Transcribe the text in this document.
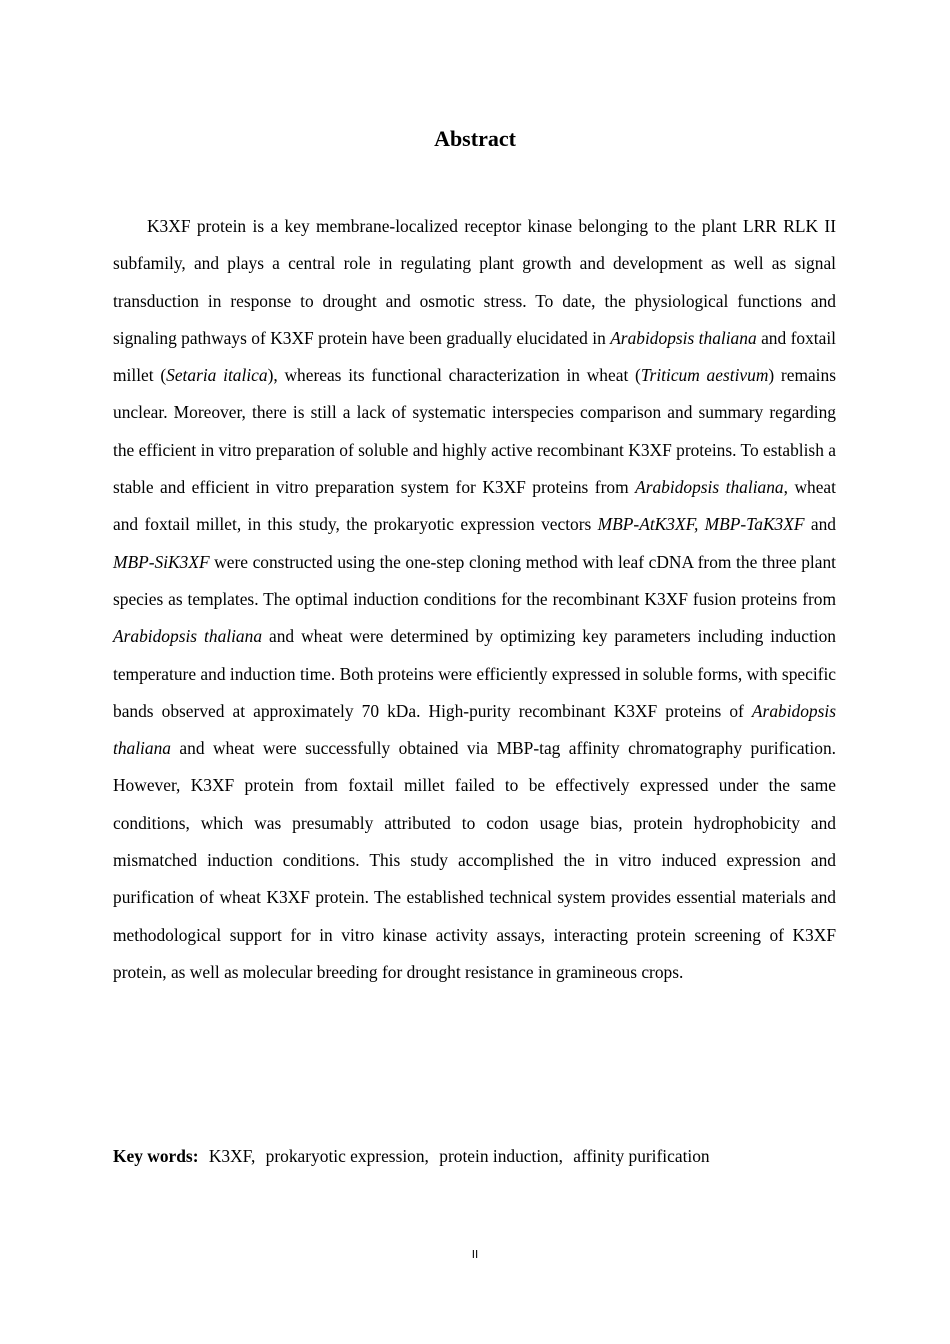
Abstract

K3XF protein is a key membrane-localized receptor kinase belonging to the plant LRR RLK II subfamily, and plays a central role in regulating plant growth and development as well as signal transduction in response to drought and osmotic stress. To date, the physiological functions and signaling pathways of K3XF protein have been gradually elucidated in Arabidopsis thaliana and foxtail millet (Setaria italica), whereas its functional characterization in wheat (Triticum aestivum) remains unclear. Moreover, there is still a lack of systematic interspecies comparison and summary regarding the efficient in vitro preparation of soluble and highly active recombinant K3XF proteins. To establish a stable and efficient in vitro preparation system for K3XF proteins from Arabidopsis thaliana, wheat and foxtail millet, in this study, the prokaryotic expression vectors MBP-AtK3XF, MBP-TaK3XF and MBP-SiK3XF were constructed using the one-step cloning method with leaf cDNA from the three plant species as templates. The optimal induction conditions for the recombinant K3XF fusion proteins from Arabidopsis thaliana and wheat were determined by optimizing key parameters including induction temperature and induction time. Both proteins were efficiently expressed in soluble forms, with specific bands observed at approximately 70 kDa. High-purity recombinant K3XF proteins of Arabidopsis thaliana and wheat were successfully obtained via MBP-tag affinity chromatography purification. However, K3XF protein from foxtail millet failed to be effectively expressed under the same conditions, which was presumably attributed to codon usage bias, protein hydrophobicity and mismatched induction conditions. This study accomplished the in vitro induced expression and purification of wheat K3XF protein. The established technical system provides essential materials and methodological support for in vitro kinase activity assays, interacting protein screening of K3XF protein, as well as molecular breeding for drought resistance in gramineous crops.

Key words: K3XF, prokaryotic expression, protein induction, affinity purification

II
